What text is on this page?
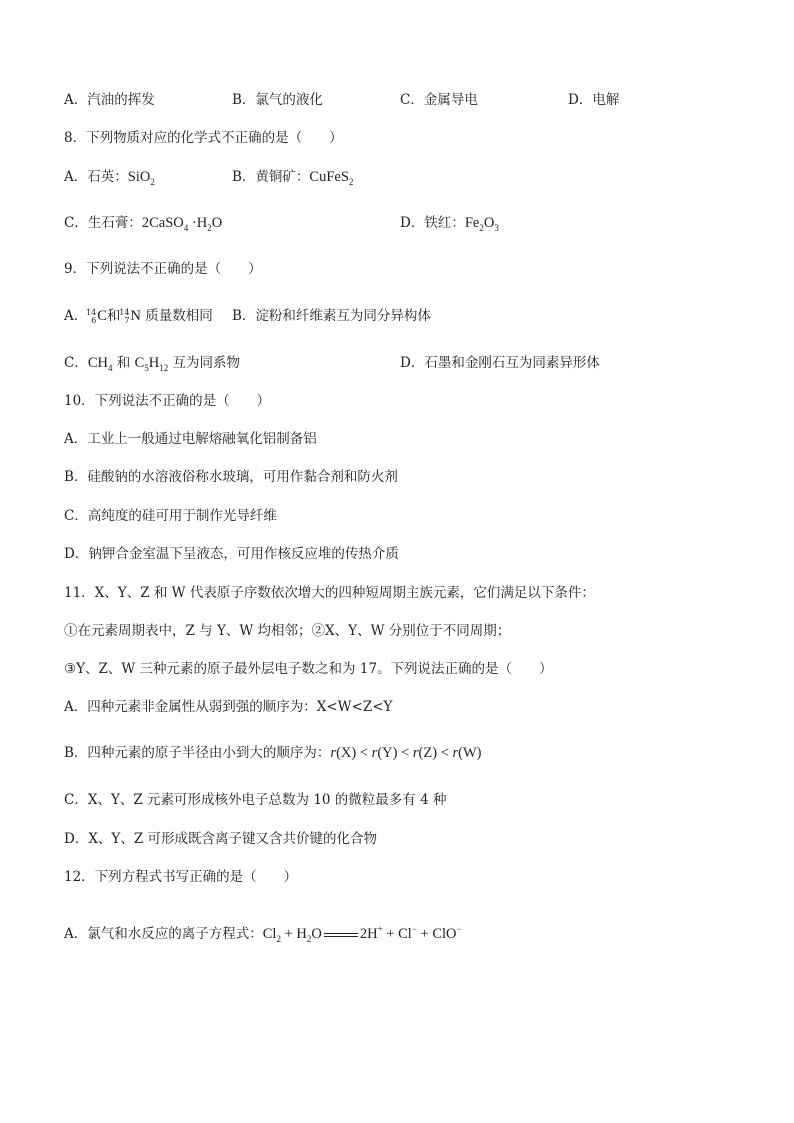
A．汽油的挥发	B．氯气的液化	C．金属导电	D．电解
8．下列物质对应的化学式不正确的是（　　）
A．石英：SiO$_2$	B．黄铜矿：CuFeS$_2$
C．生石膏：2CaSO$_4$ $\cdot H_2O$	D．铁红：$Fe_2O_3$
9．下列说法不正确的是（　　）
A．
14
6 C和
14
7 N 质量数相同 B．淀粉和纤维素互为同分异构体
C．$CH_4$ 和 $C_5H_{12}$ 互为同系物	D．石墨和金刚石互为同素异形体
10．下列说法不正确的是（　　）
A．工业上一般通过电解熔融氧化铝制备铝
B．硅酸钠的水溶液俗称水玻璃，可用作黏合剂和防火剂
C．高纯度的硅可用于制作光导纤维
D．钠钾合金室温下呈液态，可用作核反应堆的传热介质
11．X、Y、Z 和 W 代表原子序数依次增大的四种短周期主族元素，它们满足以下条件：
①在元素周期表中，Z 与 Y、W 均相邻；②X、Y、W 分别位于不同周期；
③Y、Z、W 三种元素的原子最外层电子数之和为 17。下列说法正确的是（　　）
A．四种元素非金属性从弱到强的顺序为：X<W<Z<Y
B．四种元素的原子半径由小到大的顺序为：r(X) < r(Y) < r(Z) < r(W)
C．X、Y、Z 元素可形成核外电子总数为 10 的微粒最多有 4 种
D．X、Y、Z 可形成既含离子键又含共价键的化合物
12．下列方程式书写正确的是（　　）
A．氯气和水反应的离子方程式：$Cl_2 + H_2O$	2H+ + Cl− + ClO−
